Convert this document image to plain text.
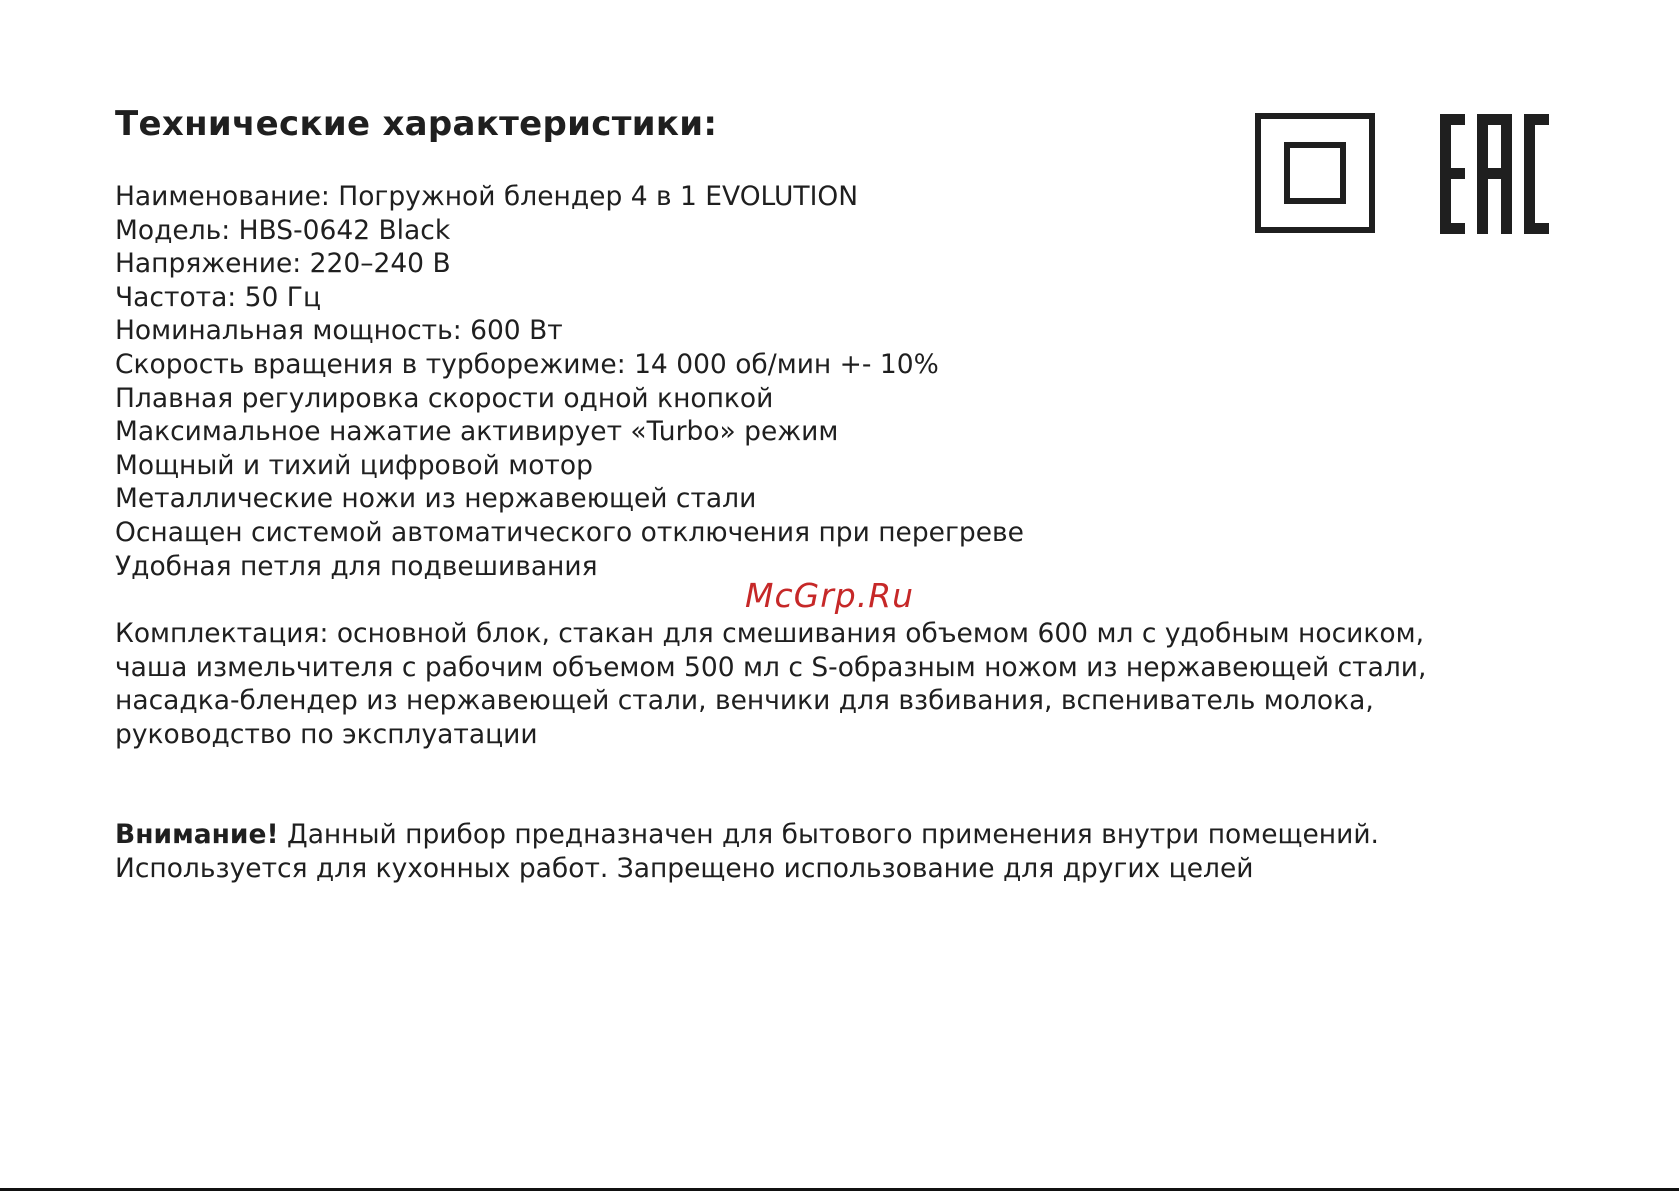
Технические характеристики:
Наименование: Погружной блендер 4 в 1 EVOLUTION
Модель: HBS-0642 Black
Напряжение: 220–240 В
Частота: 50 Гц
Номинальная мощность: 600 Вт
Скорость вращения в турборежиме: 14 000 об/мин +- 10%
Плавная регулировка скорости одной кнопкой
Максимальное нажатие активирует «Turbo» режим
Мощный и тихий цифровой мотор
Металлические ножи из нержавеющей стали
Оснащен системой автоматического отключения при перегреве
Удобная петля для подвешивания
McGrp.Ru
Комплектация: основной блок, стакан для смешивания объемом 600 мл с удобным носиком,
чаша измельчителя с рабочим объемом 500 мл с S-образным ножом из нержавеющей стали,
насадка-блендер из нержавеющей стали, венчики для взбивания, вспениватель молока,
руководство по эксплуатации
Внимание! Данный прибор предназначен для бытового применения внутри помещений.
Используется для кухонных работ. Запрещено использование для других целей
